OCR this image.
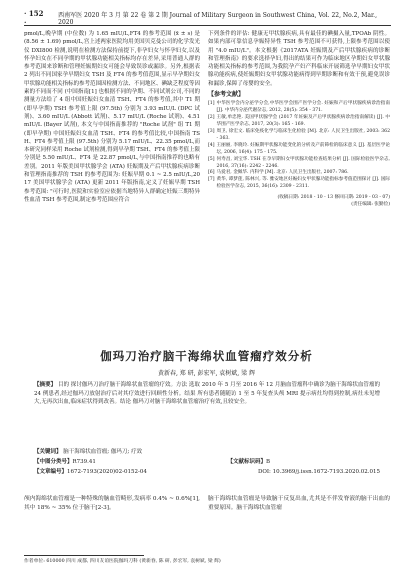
· 152 ·
西南军医 2020 年 3 月 第 22 卷 第 2 期 Journal of Military Surgeon in Southwest China, Vol. 22, No.2, Mar., 2020
pmol/L,晚孕期 (中位数) 为 1.65 mIU/L,FT4 的参考范围 (x̄ ± s) 是 (8.56 ± 1.69) pmol/L,宫上述两家医院均用美国贝克曼公司的化学发光仪 DXI800 检测,说明在检测方法保持前提下,非孕妇女与怀孕妇女,以及怀孕妇女在不同孕期的甲状腺功能相关指标均存在差异,采用普通人群的参考范围来诊断和管理妊娠期妇女可能会导致误诊或漏诊。另外,根据表 2 列出不同国家孕早期妇女 TSH 及 FT4 的参考值范围,显示早孕期妇女甲状腺功能相关指标的参考范围因检测方法、不同地区、碘缺乏程度等因素的不同而不同 (中国指南[1] 也根据不同的孕期、不同试剂公司,不同的测量方法给了 4 组中国妊娠妇女血清 TSH、FT4 的参考值,其中 T1 期 (即早孕期) TSH 参考值上限 (97.5th) 分别为 3.93 mIU/L (DPC 试剂)、3.60 mIU/L (Abbott 试剂)、5.17 mIU/L (Roche 试剂)、4.51 mIU/L (Bayer 试剂), 本文与中国指南推荐的 "Roche 试剂" 组 T1 期 (即早孕期) 中国妊娠妇女血清 TSH、FT4 的参考值比较,中国指南 TSH、FT4 参考值上限 (97.5th) 分别为 5.17 mIU/L、22.35 pmol/L,而本研究同样采用 Roche 试剂检测,得到早孕期 TSH、FT4 的参考值上限分别是 5.50 mIU/L、FT4 是 22.87 pmol/L,与中国指南推荐的也略有差别。2011 年版美国甲状腺学会 (ATA) 妊娠期及产后甲状腺疾病诊断和管理指南推荐的 TSH 的参考范围为: 妊娠早期 0.1 ~ 2.5 mIU/L,2017 美国甲状腺学会 (ATA) 更新 2011 年版指南,定义了妊娠早期 TSH 参考范围: "可行时,医院和实验室应依据当地特异人群确定妊娠三期特异性血清 TSH 参考范围,制定参考范围应符合
下列条件的评估: 健康无甲状腺疾病,具有最佳的碘摄入量,TPOAb 阴性。如果内部可靠信息孕娠特异性 TSH 参考范围不可获得,上限参考范围以使用 "4.0 mIU/L"。本文根据《2017ATA 妊娠期及产后甲状腺疾病的诊断和管理指南》的要求选择孕妇,得出的结果可作为临床地区孕期妇女甲状腺功能相关指标的参考范围,为我院孕产妇产科临床开展筛选孕早期妇女甲状腺功能疾病,使妊娠期妇女甲状腺功能病得到早期诊断和有效干预,避免误诊和漏诊,保障了母婴的安全。
【参考文献】
[1] 中华医学会内分泌学分会,中华医学会围产医学分会. 妊娠和产后甲状腺疾病诊治指南 [J]. 中华内分泌代谢杂志, 2012, 28(5): 354 - 371.
[2] 王敏,单忠艳. 美国甲状腺学会 (2017 年妊娠及产后甲状腺疾病诊治指南解读) [J]. 中华围产医学杂志, 2017, 20(3): 165 - 169.
[3] 周卫, 徐宏文. 临床免疫化学与临床生化检验 [M]. 北京: 人民卫生出版社, 2003: 362 - 363.
[4] 王丽丽, 李晓玲. 妊娠期甲状腺功能变化的分析及产前筛检的临床意义 [J]. 基层医学论坛, 2006, 16(4): 175 - 175.
[5] 何寿昌, 刘宝华. TSH 在孕早期妇女甲状腺功能检查结果分析 [J]. 国际检验医学杂志, 2016, 37(16): 2242 - 2246.
[6] 马爱君, 金佩华. 内科学 [M]. 北京: 人民卫生出版社, 2007: 786.
[7] 黄华, 谭梦莲, 陈林兴, 等. 雅安地区妊娠妇女甲状腺功能指标参考值范围探讨 [J]. 国际检验医学杂志, 2015, 36(16): 2309 - 2311.
(收稿日期: 2018 - 10 - 13 修回日期: 2019 - 03 - 07)
(责任编辑: 张勤俭)
伽玛刀治疗脑干海绵状血管瘤疗效分析
黄新春, 郑 研, 彭宏军, 袁树斌, 梁 辉
【摘要】 目的 探讨伽玛刀治疗脑干海绵状血管瘤的疗效。方法 选取 2010 年 5 月至 2016 年 12 月脑血管瘤科中确诊为脑干海绵状血管瘤的 24 例患者,经过伽玛刀放射治疗后对其疗效进行回顾性分析。结果 所有患者随随访 1 至 5 年复查头颅 MRI 提示病灶均得到控制,病灶未见增大,无再次出血,临床症状得到改善。结论 伽玛刀对脑干海绵状血管瘤治疗有效,且较安全。
【关键词】 脑干海绵状血管瘤; 伽玛刀; 疗效
【中图分类号】R739.41	【文献标识码】B
【文章编号】1672-7193(2020)02-0152-04	DOI: 10.3969/j.issn.1672-7193.2020.02.015
颅内海绵状血管瘤是一种特殊的脑血管畸形,发病率 0.4% ~ 0.6%[1],其中 18% ~ 35% 位于脑干[2-3]。
脑干海绵状血管瘤是导致脑干反复出血,尤其是不伴发脊液的脑干出血的重要原因。脑干海绵状血管瘤
作者单位: 610000 四川 成都, 四川友谊医院伽玛刀科 (黄新春, 陈 研, 彭宏军, 袁树斌, 梁 辉)
